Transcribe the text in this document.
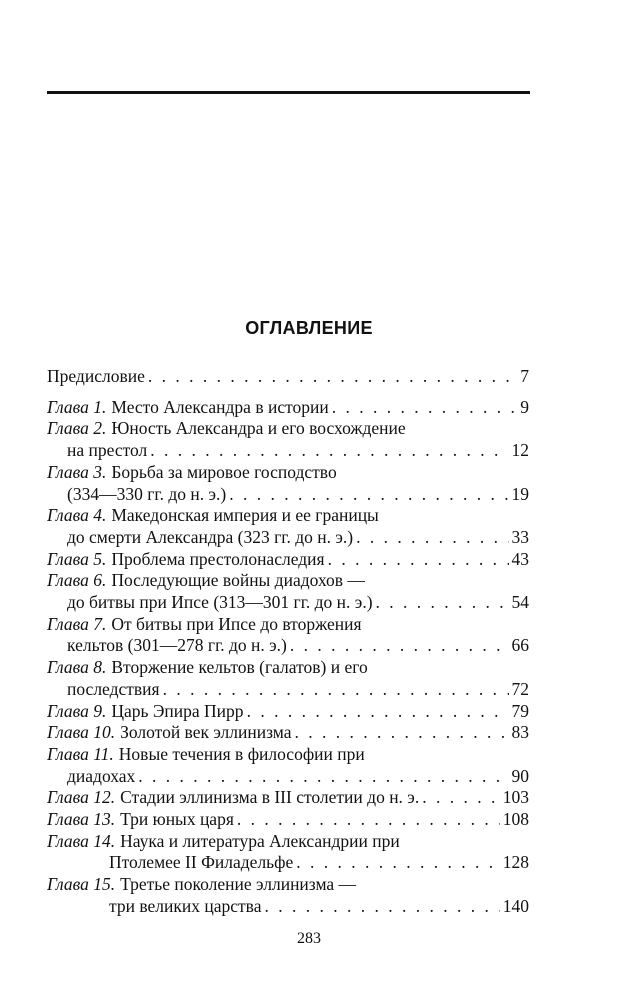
ОГЛАВЛЕНИЕ
Предисловие . . .	7
Глава 1. Место Александра в истории . . .	9
Глава 2. Юность Александра и его восхождение
на престол . . .	12
Глава 3. Борьба за мировое господство
(334—330 гг. до н. э.) . . .	19
Глава 4. Македонская империя и ее границы
до смерти Александра (323 гг. до н. э.) . . .	33
Глава 5. Проблема престолонаследия . . .	43
Глава 6. Последующие войны диадохов —
до битвы при Ипсе (313—301 гг. до н. э.) . . .	54
Глава 7. От битвы при Ипсе до вторжения
кельтов (301—278 гг. до н. э.) . . .	66
Глава 8. Вторжение кельтов (галатов) и его
последствия . . .	72
Глава 9. Царь Эпира Пирр . . .	79
Глава 10. Золотой век эллинизма . . .	83
Глава 11. Новые течения в философии при
диадохах . . .	90
Глава 12. Стадии эллинизма в III столетии до н. э. . . .	103
Глава 13. Три юных царя . . .	108
Глава 14. Наука и литература Александрии при
Птолемее II Филадельфе . . .	128
Глава 15. Третье поколение эллинизма —
три великих царства . . .	140
283
